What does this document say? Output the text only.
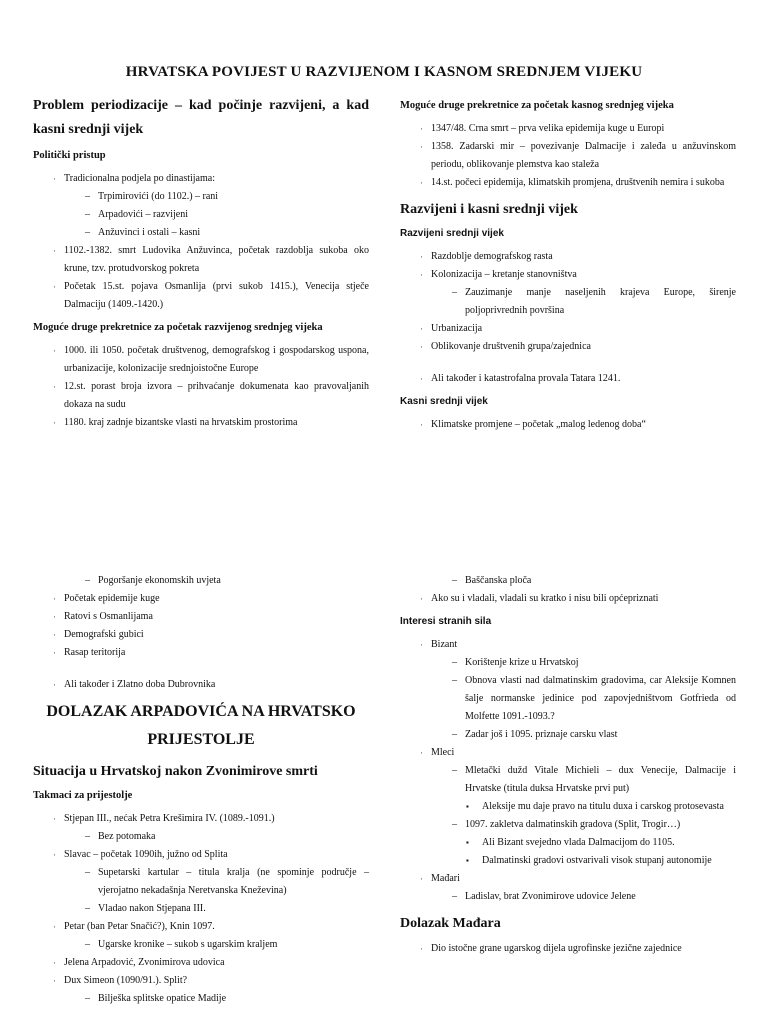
HRVATSKA POVIJEST U RAZVIJENOM I KASNOM SREDNJEM VIJEKU
Problem periodizacije – kad počinje razvijeni, a kad kasni srednji vijek
Politički pristup
· Tradicionalna podjela po dinastijama:
– Trpimirovići (do 1102.) – rani
– Arpadovići – razvijeni
– Anžuvinci i ostali – kasni
· 1102.-1382. smrt Ludovika Anžuvinca, početak razdoblja sukoba oko krune, tzv. protudvorskog pokreta
· Početak 15.st. pojava Osmanlija (prvi sukob 1415.), Venecija stječe Dalmaciju (1409.-1420.)
Moguće druge prekretnice za početak razvijenog srednjeg vijeka
· 1000. ili 1050. početak društvenog, demografskog i gospodarskog uspona, urbanizacije, kolonizacije srednjoistočne Europe
· 12.st. porast broja izvora – prihvaćanje dokumenata kao pravovaljanih dokaza na sudu
· 1180. kraj zadnje bizantske vlasti na hrvatskim prostorima
Moguće druge prekretnice za početak kasnog srednjeg vijeka
· 1347/48. Crna smrt – prva velika epidemija kuge u Europi
· 1358. Zadarski mir – povezivanje Dalmacije i zaleđa u anžuvinskom periodu, oblikovanje plemstva kao staleža
· 14.st. počeci epidemija, klimatskih promjena, društvenih nemira i sukoba
Razvijeni i kasni srednji vijek
Razvijeni srednji vijek
· Razdoblje demografskog rasta
· Kolonizacija – kretanje stanovništva
– Zauzimanje manje naseljenih krajeva Europe, širenje poljoprivrednih površina
· Urbanizacija
· Oblikovanje društvenih grupa/zajednica
· Ali također i katastrofalna provala Tatara 1241.
Kasni srednji vijek
· Klimatske promjene – početak „malog ledenog doba“
– Pogoršanje ekonomskih uvjeta
· Početak epidemije kuge
· Ratovi s Osmanlijama
· Demografski gubici
· Rasap teritorija
· Ali također i Zlatno doba Dubrovnika
DOLAZAK ARPADOVIĆA NA HRVATSKO PRIJESTOLJE
Situacija u Hrvatskoj nakon Zvonimirove smrti
Takmaci za prijestolje
· Stjepan III., nećak Petra Krešimira IV. (1089.-1091.)
– Bez potomaka
· Slavac – početak 1090ih, južno od Splita
– Supetarski kartular – titula kralja (ne spominje područje – vjerojatno nekadašnja Neretvanska Kneževina)
– Vladao nakon Stjepana III.
· Petar (ban Petar Snačić?), Knin 1097.
– Ugarske kronike – sukob s ugarskim kraljem
· Jelena Arpadović, Zvonimirova udovica
· Dux Simeon (1090/91.). Split?
– Bilješka splitske opatice Madije
– Baščanska ploča
· Ako su i vladali, vladali su kratko i nisu bili općepriznati
Interesi stranih sila
· Bizant
– Korištenje krize u Hrvatskoj
– Obnova vlasti nad dalmatinskim gradovima, car Aleksije Komnen šalje normanske jedinice pod zapovjedništvom Gotfrieda od Molfette 1091.-1093.?
– Zadar još i 1095. priznaje carsku vlast
· Mleci
– Mletački dužd Vitale Michieli – dux Venecije, Dalmacije i Hrvatske (titula duksa Hrvatske prvi put)
▪ Aleksije mu daje pravo na titulu duxa i carskog protosevasta
– 1097. zakletva dalmatinskih gradova (Split, Trogir…)
▪ Ali Bizant svejedno vlada Dalmacijom do 1105.
▪ Dalmatinski gradovi ostvarivali visok stupanj autonomije
· Mađari
– Ladislav, brat Zvonimirove udovice Jelene
Dolazak Mađara
· Dio istočne grane ugarskog dijela ugrofinske jezične zajednice
